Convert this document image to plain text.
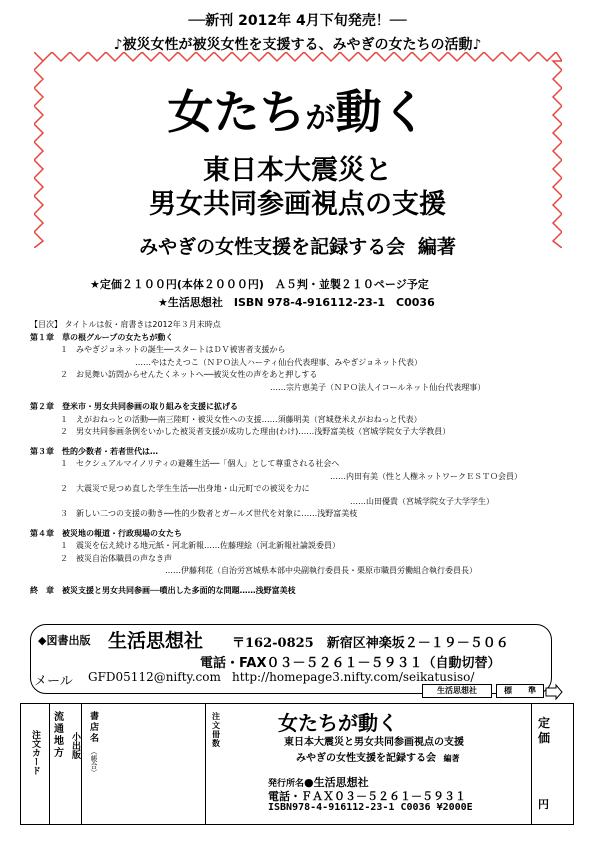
──新刊 2012年 4月下旬発売！──
♪被災女性が被災女性を支援する、みやぎの女たちの活動♪
女たちが動く
東日本大震災と
男女共同参画視点の支援
みやぎの女性支援を記録する会 編著
★定価２１００円(本体２０００円)　Ａ５判・並製２１０ページ予定
★生活思想社　ISBN 978-4-916112-23-1　C0036
【目次】 タイトルは仮・肩書きは2012年３月末時点
第１章　草の根グループの女たちが動く
１　みやぎジョネットの誕生──スタートはＤＶ被害者支援から
……やはたえつこ（ＮＰＯ法人ハーティ仙台代表理事、みやぎジョネット代表）
２　お見舞い訪問からせんたくネットへ──被災女性の声をあと押しする
……宗片恵美子（ＮＰＯ法人イコールネット仙台代表理事）
第２章　登米市・男女共同参画の取り組みを支援に拡げる
１　えがおねっとの活動──南三陸町・被災女性への支援……須藤明美（宮城登米えがおねっと代表）
２　男女共同参画条例をいかした被災者支援が成功した理由(わけ)……浅野富美枝（宮城学院女子大学教員）
第３章　性的少数者・若者世代は…
１　セクシュアルマイノリティの避難生活──「個人」として尊重される社会へ
……内田有美（性と人権ネットワークＥＳＴＯ会員）
２　大震災で見つめ直した学生生活──出身地・山元町での被災を力に
……山田優貴（宮城学院女子大学学生）
３　新しい二つの支援の動き──性的少数者とガールズ世代を対象に……浅野富美枝
第４章　被災地の報道・行政現場の女たち
１　震災を伝え続ける地元紙・河北新報……佐藤理絵（河北新報社論説委員）
２　被災自治体職員の声なき声
……伊藤利花（自治労宮城県本部中央副執行委員長・栗原市職員労働組合執行委員長）
終　章　被災支援と男女共同参画──噴出した多面的な問題……浅野富美枝
◆図書出版 生活思想社 〒162-0825　新宿区神楽坂２－１９－５０６
電話・FAX０３－５２６１－５９３１（自動切替）
メール GFD05112@nifty.com http://homepage3.nifty.com/seikatusiso/
生活思想社	標　　準
注文カード
流通地方 小出版
書店名
（帳合）
注文冊数
女たちが動く
東日本大震災と男女共同参画視点の支援
みやぎの女性支援を記録する会 編著
発行所名●生活思想社
電話・ＦＡＸ０３－５２６１－５９３１
ISBN978-4-916112-23-1 C0036 ¥2000E
定価
円
